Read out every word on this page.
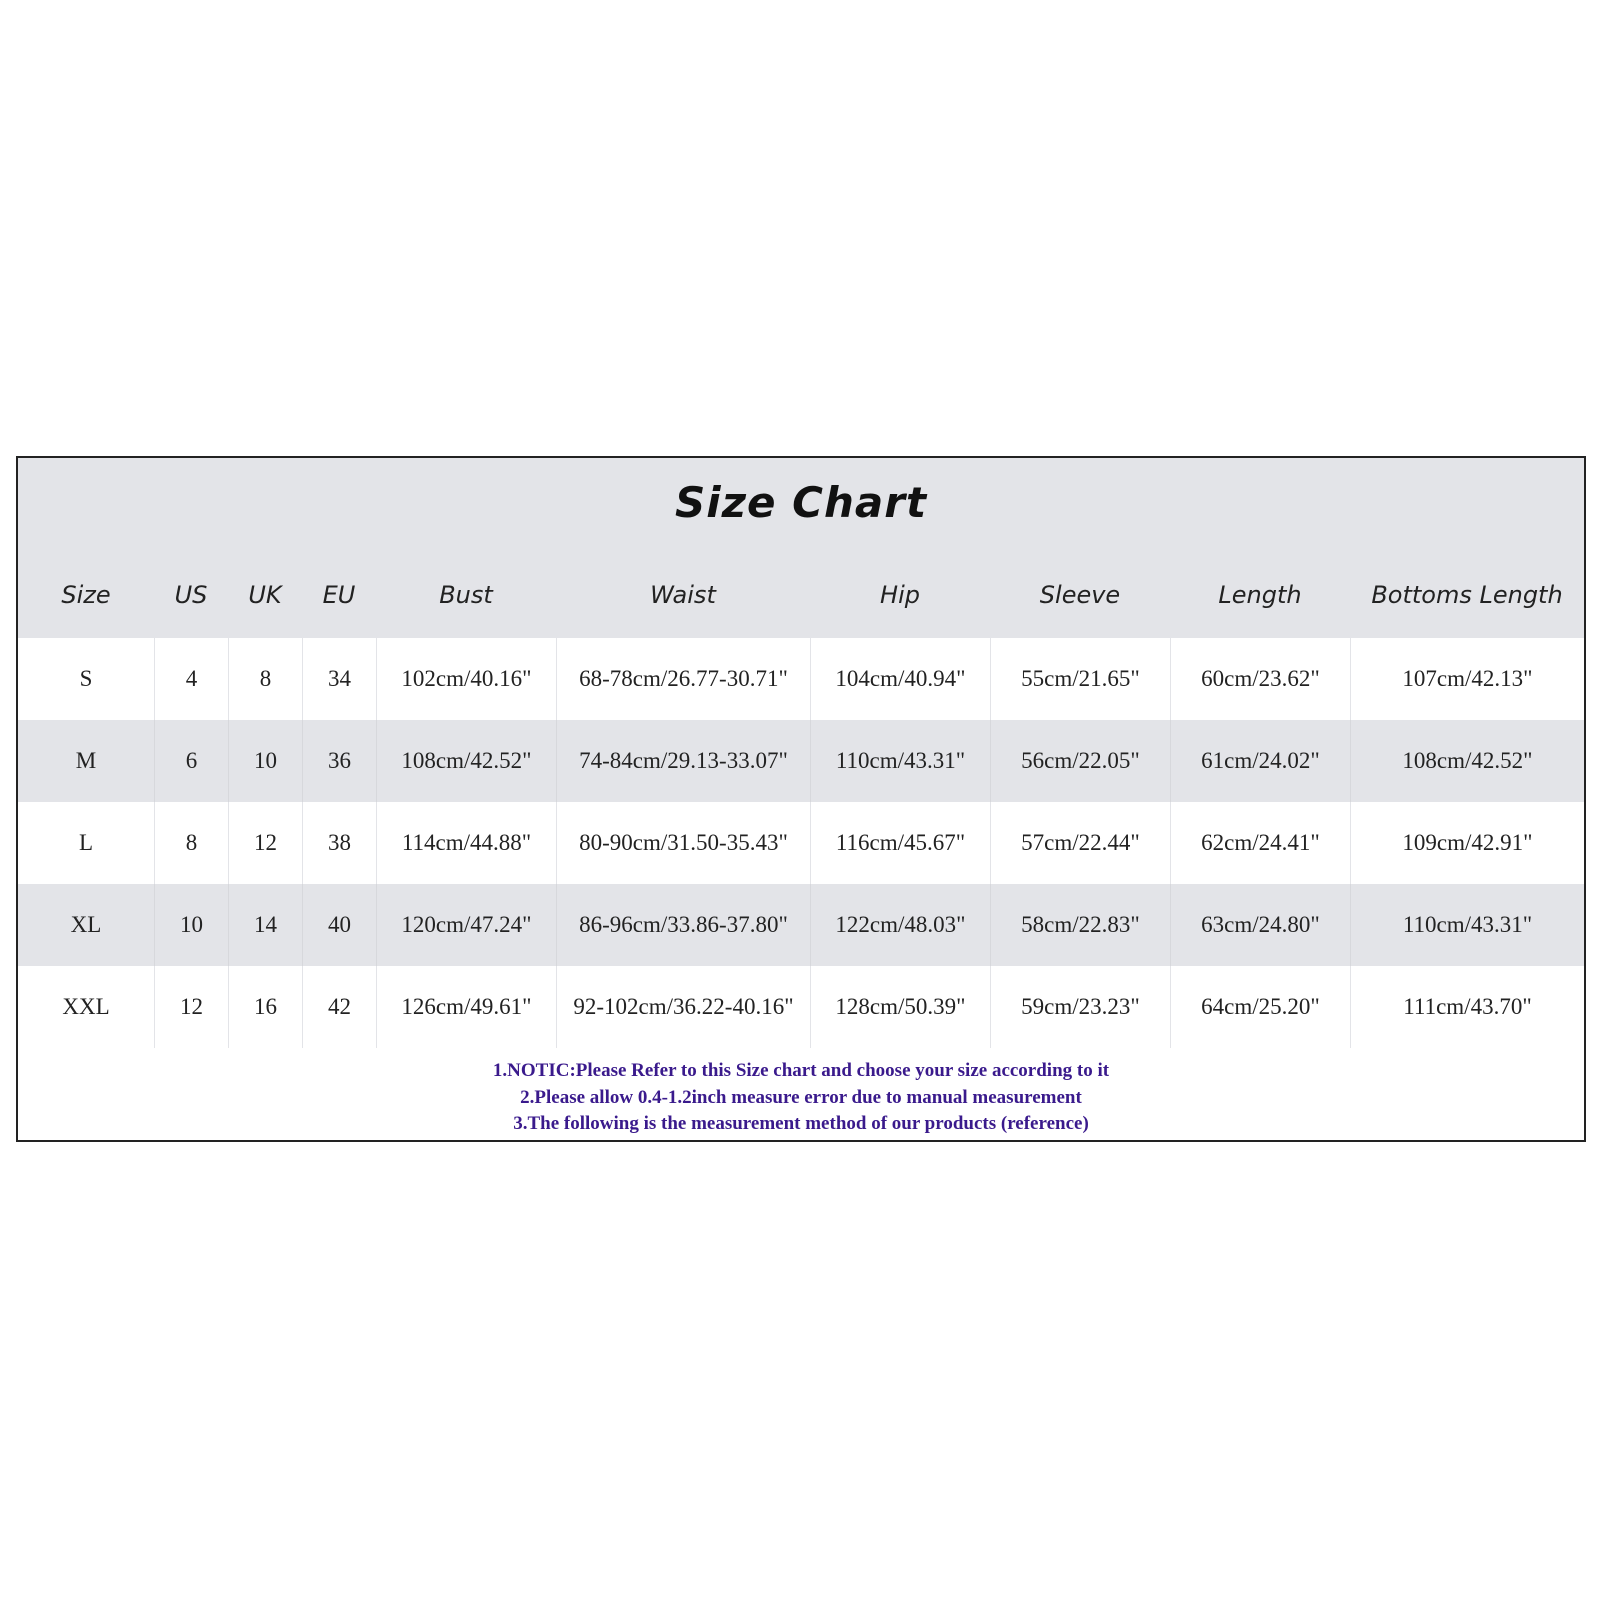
Size Chart
Size	US	UK	EU	Bust	Waist	Hip	Sleeve	Length	Bottoms Length
S	4	8	34	102cm/40.16"	68-78cm/26.77-30.71"	104cm/40.94"	55cm/21.65"	60cm/23.62"	107cm/42.13"
M	6	10	36	108cm/42.52"	74-84cm/29.13-33.07"	110cm/43.31"	56cm/22.05"	61cm/24.02"	108cm/42.52"
L	8	12	38	114cm/44.88"	80-90cm/31.50-35.43"	116cm/45.67"	57cm/22.44"	62cm/24.41"	109cm/42.91"
XL	10	14	40	120cm/47.24"	86-96cm/33.86-37.80"	122cm/48.03"	58cm/22.83"	63cm/24.80"	110cm/43.31"
XXL	12	16	42	126cm/49.61"	92-102cm/36.22-40.16"	128cm/50.39"	59cm/23.23"	64cm/25.20"	111cm/43.70"
1.NOTIC:Please Refer to this Size chart and choose your size according to it
2.Please allow 0.4-1.2inch measure error due to manual measurement
3.The following is the measurement method of our products (reference)
